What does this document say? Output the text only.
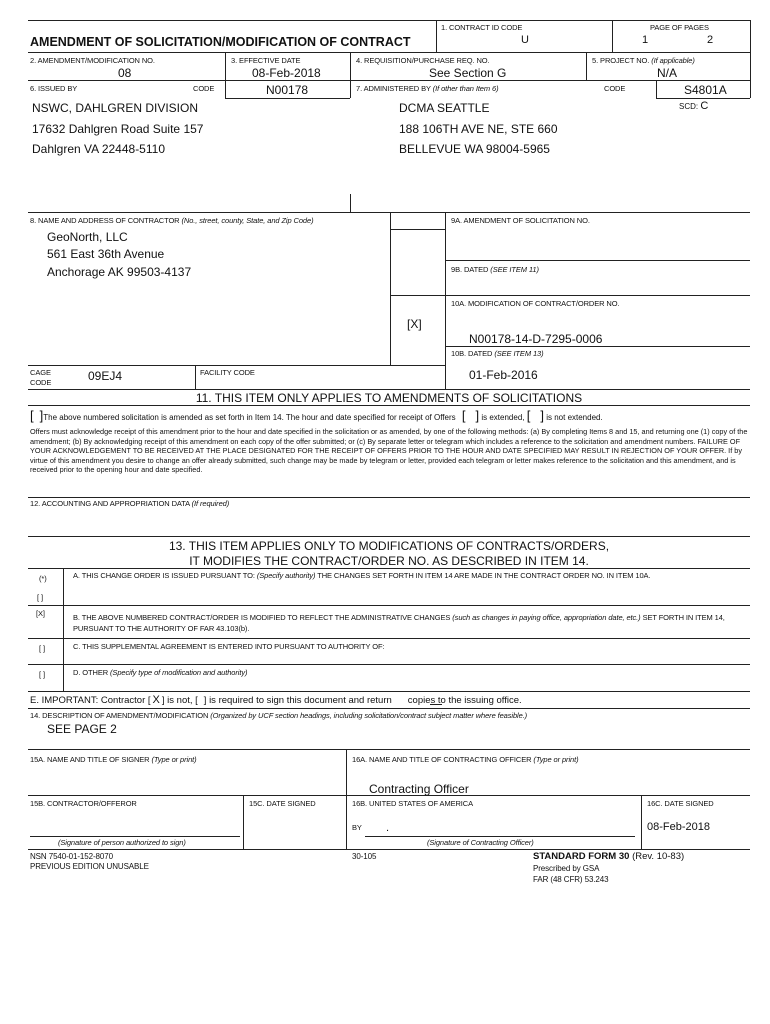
AMENDMENT OF SOLICITATION/MODIFICATION OF CONTRACT
1. CONTRACT ID CODE
U
PAGE OF PAGES
1	2
2. AMENDMENT/MODIFICATION NO.
08
3. EFFECTIVE DATE
08-Feb-2018
4. REQUISITION/PURCHASE REQ. NO.
See Section G
5. PROJECT NO. (If applicable)
N/A
6. ISSUED BY	CODE	N00178	7. ADMINISTERED BY (If other than Item 6)	CODE	S4801A
SCD: C
NSWC, DAHLGREN DIVISION
17632 Dahlgren Road Suite 157
Dahlgren VA 22448-5110
DCMA SEATTLE
188 106TH AVE NE, STE 660
BELLEVUE WA 98004-5965
8. NAME AND ADDRESS OF CONTRACTOR (No., street, county, State, and Zip Code)
GeoNorth, LLC
561 East 36th Avenue
Anchorage AK 99503-4137
9A. AMENDMENT OF SOLICITATION NO.
9B. DATED (SEE ITEM 11)
10A. MODIFICATION OF CONTRACT/ORDER NO.
[X]
N00178-14-D-7295-0006
10B. DATED (SEE ITEM 13)
01-Feb-2016
CAGE CODE	09EJ4	FACILITY CODE
11. THIS ITEM ONLY APPLIES TO AMENDMENTS OF SOLICITATIONS
[ ]The above numbered solicitation is amended as set forth in Item 14. The hour and date specified for receipt of Offers [ ] is extended, [ ] is not extended.
Offers must acknowledge receipt of this amendment prior to the hour and date specified in the solicitation or as amended, by one of the following methods: (a) By completing Items 8 and 15, and returning one (1) copy of the amendment; (b) By acknowledging receipt of this amendment on each copy of the offer submitted; or (c) By separate letter or telegram which includes a reference to the solicitation and amendment numbers. FAILURE OF YOUR ACKNOWLEDGEMENT TO BE RECEIVED AT THE PLACE DESIGNATED FOR THE RECEIPT OF OFFERS PRIOR TO THE HOUR AND DATE SPECIFIED MAY RESULT IN REJECTION OF YOUR OFFER. If by virtue of this amendment you desire to change an offer already submitted, such change may be made by telegram or letter, provided each telegram or letter makes reference to the solicitation and this amendment, and is received prior to the opening hour and date specified.
12. ACCOUNTING AND APPROPRIATION DATA (If required)
13. THIS ITEM APPLIES ONLY TO MODIFICATIONS OF CONTRACTS/ORDERS,
IT MODIFIES THE CONTRACT/ORDER NO. AS DESCRIBED IN ITEM 14.
(*)
[ ]
A. THIS CHANGE ORDER IS ISSUED PURSUANT TO: (Specify authority) THE CHANGES SET FORTH IN ITEM 14 ARE MADE IN THE CONTRACT ORDER NO. IN ITEM 10A.
[X]	B. THE ABOVE NUMBERED CONTRACT/ORDER IS MODIFIED TO REFLECT THE ADMINISTRATIVE CHANGES (such as changes in paying office, appropriation date, etc.) SET FORTH IN ITEM 14, PURSUANT TO THE AUTHORITY OF FAR 43.103(b).
[ ]	C. THIS SUPPLEMENTAL AGREEMENT IS ENTERED INTO PURSUANT TO AUTHORITY OF:
[ ]	D. OTHER (Specify type of modification and authority)
E. IMPORTANT: Contractor [ X ] is not, [ ] is required to sign this document and return copies to the issuing office.
14. DESCRIPTION OF AMENDMENT/MODIFICATION (Organized by UCF section headings, including solicitation/contract subject matter where feasible.)
SEE PAGE 2
15A. NAME AND TITLE OF SIGNER (Type or print)	16A. NAME AND TITLE OF CONTRACTING OFFICER (Type or print)
Contracting Officer
15B. CONTRACTOR/OFFEROR	15C. DATE SIGNED	16B. UNITED STATES OF AMERICA	16C. DATE SIGNED
BY .	08-Feb-2018
(Signature of person authorized to sign)	(Signature of Contracting Officer)
NSN 7540-01-152-8070
PREVIOUS EDITION UNUSABLE
30-105	STANDARD FORM 30 (Rev. 10-83)
Prescribed by GSA
FAR (48 CFR) 53.243
